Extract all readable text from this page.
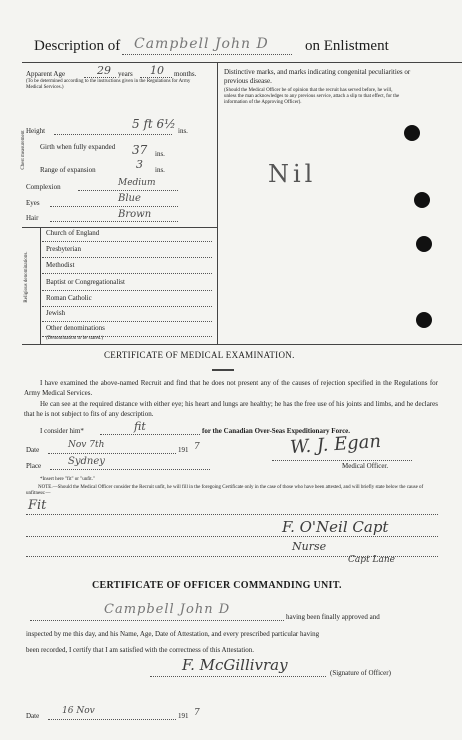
Description of Campbell John D on Enlistment
Apparent Age	29 years 10 months.
(To be determined according to the instructions given in the Regulations for Army Medical Services.)
Height	5 ft 6½ ins.
Chest measurement Girth when fully expanded	37 ins.
Range of expansion	3 ins.
Complexion	Medium
Eyes	Blue
Hair	Brown
Religious denominations.
Church of England
Presbyterian
Methodist
Baptist or Congregationalist
Roman Catholic
Jewish
Other denominations
(Denomination to be stated.)
Distinctive marks, and marks indicating congenital peculiarities or previous disease.
(Should the Medical Officer be of opinion that the recruit has served before, he will, unless the man acknowledges to any previous service, attach a slip to that effect, for the information of the Approving Officer).
Nil
CERTIFICATE OF MEDICAL EXAMINATION.
I have examined the above-named Recruit and find that he does not present any of the causes of rejection specified in the Regulations for Army Medical Services.
He can see at the required distance with either eye; his heart and lungs are healthy; he has the free use of his joints and limbs, and he declares that he is not subject to fits of any description.
I consider him*	fit	for the Canadian Over-Seas Expeditionary Force.
Date	Nov 7th	191 7	W. J. Egan
Medical Officer.
Place	Sydney
*Insert here "fit" or "unfit."
NOTE.—Should the Medical Officer consider the Recruit unfit, he will fill in the foregoing Certificate only in the case of those who have been attested, and will briefly state below the cause of unfitness:—
Fit
F. O'Neil Capt
Nurse
Capt Lane
CERTIFICATE OF OFFICER COMMANDING UNIT.
Campbell John D	having been finally approved and
inspected by me this day, and his Name, Age, Date of Attestation, and every prescribed particular having
been recorded, I certify that I am satisfied with the correctness of this Attestation.
F. McGillivray	(Signature of Officer)
Date	16 Nov	191 7
